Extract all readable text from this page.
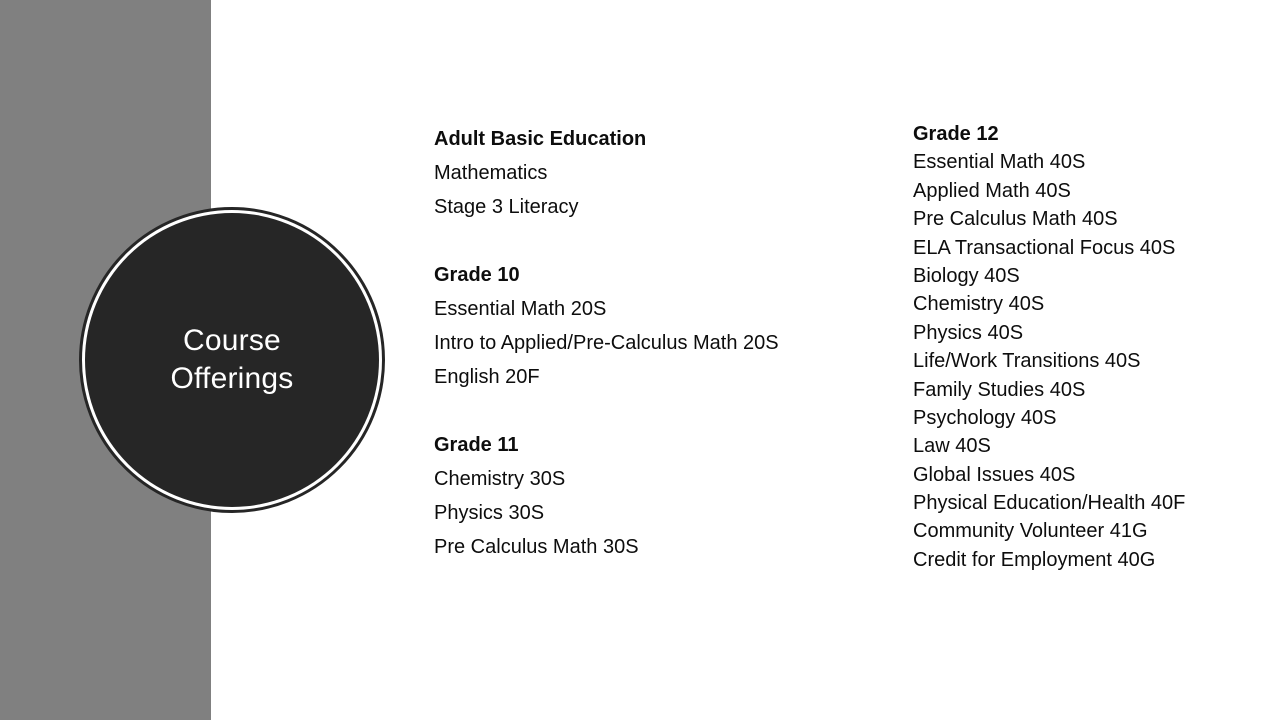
Course
Offerings
Adult Basic Education
Mathematics
Stage 3 Literacy
Grade 10
Essential Math 20S
Intro to Applied/Pre-Calculus Math 20S
English 20F
Grade 11
Chemistry 30S
Physics 30S
Pre Calculus Math 30S
Grade 12
Essential Math 40S
Applied Math 40S
Pre Calculus Math 40S
ELA Transactional Focus 40S
Biology 40S
Chemistry 40S
Physics 40S
Life/Work Transitions 40S
Family Studies 40S
Psychology 40S
Law 40S
Global Issues 40S
Physical Education/Health 40F
Community Volunteer 41G
Credit for Employment 40G
